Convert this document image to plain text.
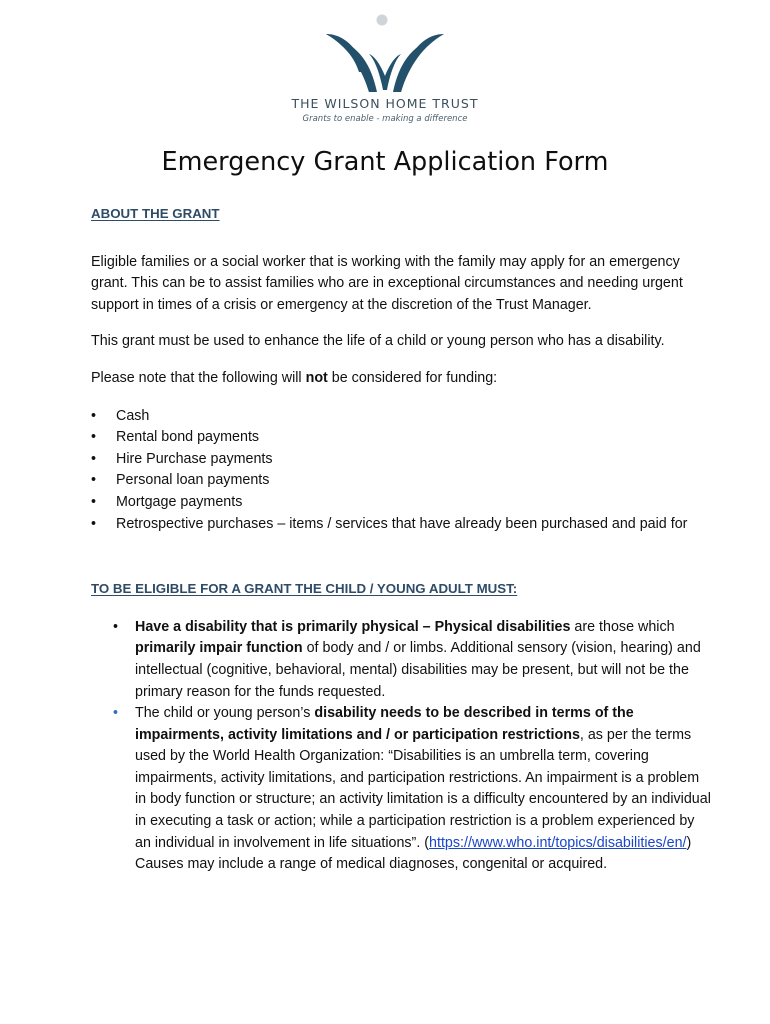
THE WILSON HOME TRUST
Grants to enable - making a difference
Emergency Grant Application Form
ABOUT THE GRANT

Eligible families or a social worker that is working with the family may apply for an emergency grant. This can be to assist families who are in exceptional circumstances and needing urgent support in times of a crisis or emergency at the discretion of the Trust Manager.

This grant must be used to enhance the life of a child or young person who has a disability.

Please note that the following will not be considered for funding:

• Cash
• Rental bond payments
• Hire Purchase payments
• Personal loan payments
• Mortgage payments
• Retrospective purchases – items / services that have already been purchased and paid for
TO BE ELIGIBLE FOR A GRANT THE CHILD / YOUNG ADULT MUST:
• Have a disability that is primarily physical – Physical disabilities are those which primarily impair function of body and / or limbs. Additional sensory (vision, hearing) and intellectual (cognitive, behavioral, mental) disabilities may be present, but will not be the primary reason for the funds requested.
• The child or young person’s disability needs to be described in terms of the impairments, activity limitations and / or participation restrictions, as per the terms used by the World Health Organization: “Disabilities is an umbrella term, covering impairments, activity limitations, and participation restrictions. An impairment is a problem in body function or structure; an activity limitation is a difficulty encountered by an individual in executing a task or action; while a participation restriction is a problem experienced by an individual in involvement in life situations”. (https://www.who.int/topics/disabilities/en/)
Causes may include a range of medical diagnoses, congenital or acquired.
